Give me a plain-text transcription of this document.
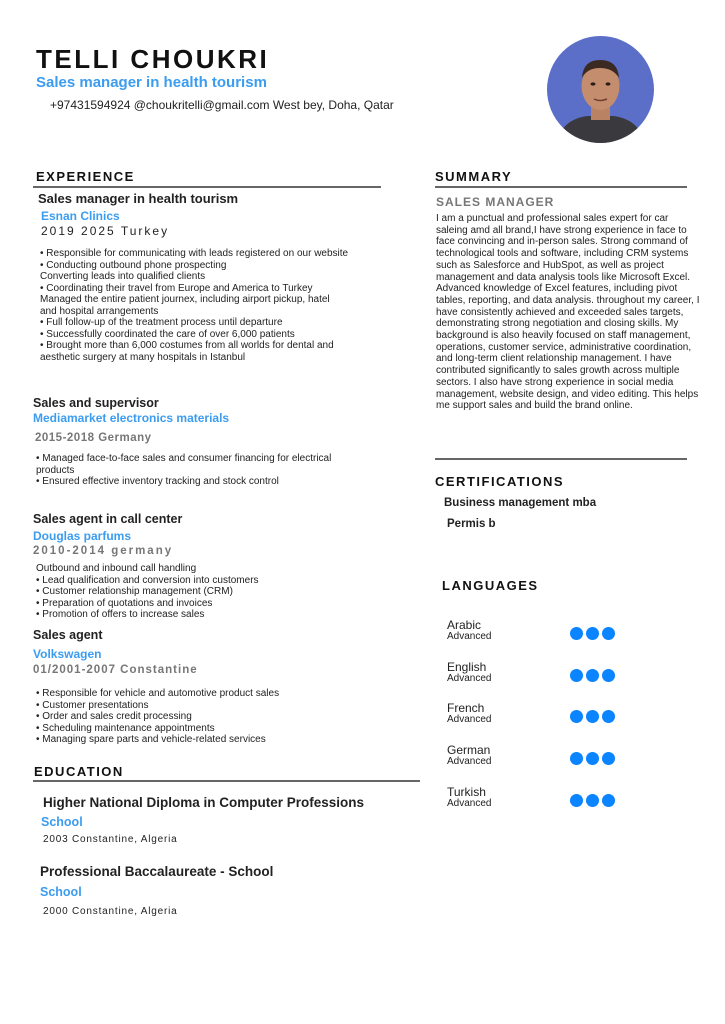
TELLI CHOUKRI
Sales manager in health tourism
+97431594924 @choukritelli@gmail.com West bey, Doha, Qatar
EXPERIENCE
Sales manager in health tourism
Esnan Clinics
2019 2025 Turkey
• Responsible for communicating with leads registered on our website
• Conducting outbound phone prospecting
Converting leads into qualified clients
• Coordinating their travel from Europe and America to Turkey
Managed the entire patient journex, including airport pickup, hatel
and hospital arrangements
• Full follow-up of the treatment process until departure
• Successfully coordinated the care of over 6,000 patients
• Brought more than 6,000 costumes from all worlds for dental and
aesthetic surgery at many hospitals in Istanbul
Sales and supervisor
Mediamarket electronics materials
2015-2018 Germany
• Managed face-to-face sales and consumer financing for electrical
products
• Ensured effective inventory tracking and stock control
Sales agent in call center
Douglas parfums
2010-2014 germany
Outbound and inbound call handling
• Lead qualification and conversion into customers
• Customer relationship management (CRM)
• Preparation of quotations and invoices
• Promotion of offers to increase sales
Sales agent
Volkswagen
01/2001-2007 Constantine
• Responsible for vehicle and automotive product sales
• Customer presentations
• Order and sales credit processing
• Scheduling maintenance appointments
• Managing spare parts and vehicle-related services
EDUCATION
Higher National Diploma in Computer Professions
School
2003 Constantine, Algeria
Professional Baccalaureate - School
School
2000 Constantine, Algeria
SUMMARY
SALES MANAGER
I am a punctual and professional sales expert for car saleing amd all brand,I have strong experience in face to face convincing and in-person sales. Strong command of technological tools and software, including CRM systems such as Salesforce and HubSpot, as well as project management and data analysis tools like Microsoft Excel. Advanced knowledge of Excel features, including pivot tables, reporting, and data analysis. throughout my career, I have consistently achieved and exceeded sales targets, demonstrating strong negotiation and closing skills. My background is also heavily focused on staff management, operations, customer service, administrative coordination, and long-term client relationship management. I have contributed significantly to sales growth across multiple sectors. I also have strong experience in social media management, website design, and video editing. This helps me support sales and build the brand online.
CERTIFICATIONS
Business management mba
Permis b
LANGUAGES
Arabic
Advanced
English
Advanced
French
Advanced
German
Advanced
Turkish
Advanced
